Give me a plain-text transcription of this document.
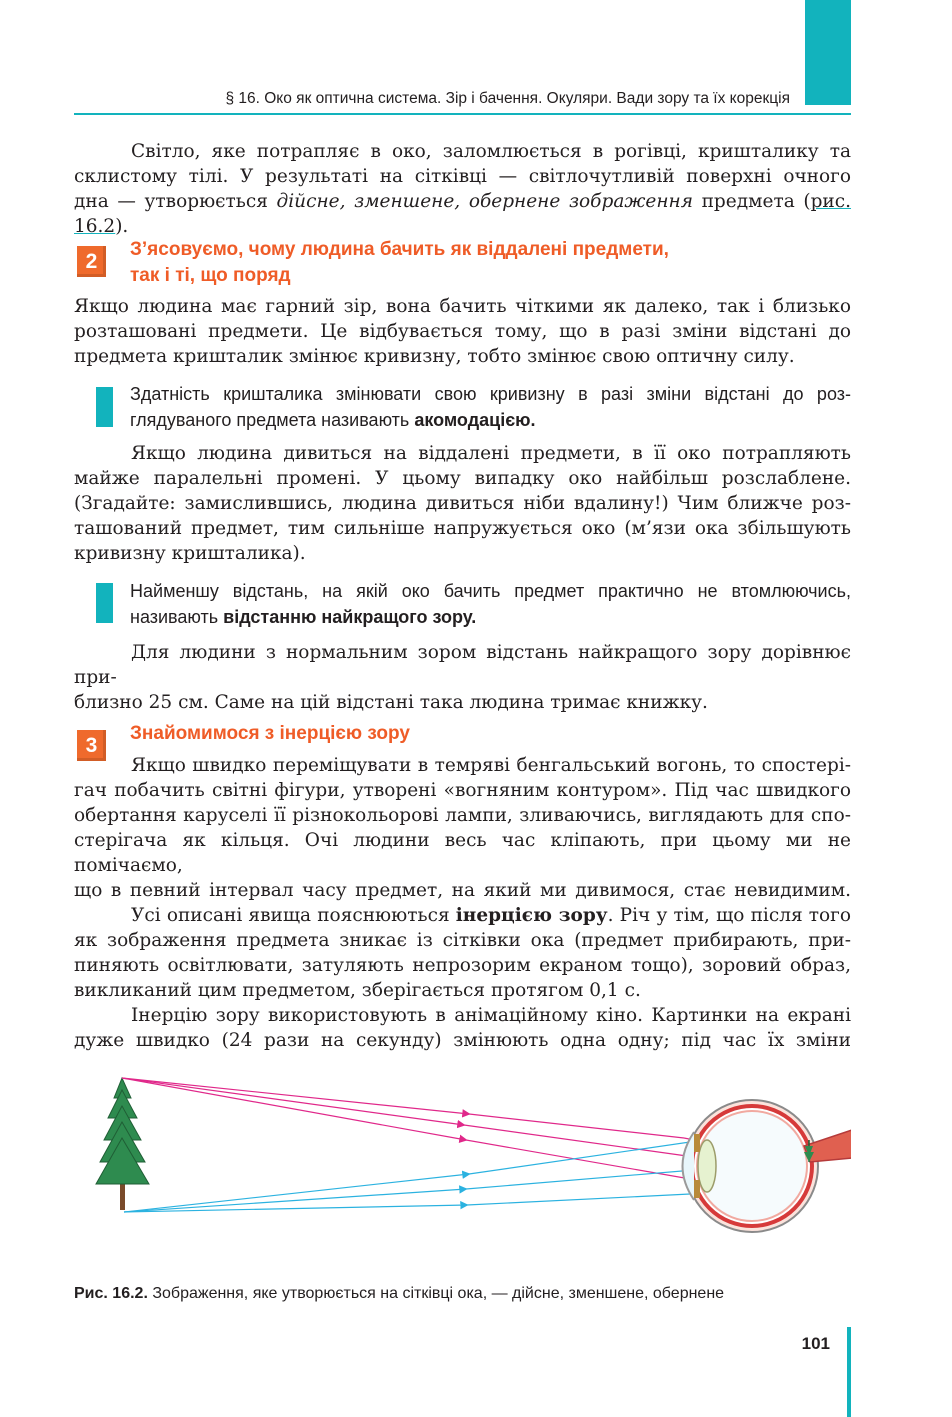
§ 16. Око як оптична система. Зір і бачення. Окуляри. Вади зору та їх корекція
Світло, яке потрапляє в око, заломлюється в рогівці, кришталику та
склистому тілі. У результаті на сітківці — світлочутливій поверхні очного
дна — утворюється дійсне, зменшене, обернене зображення предмета (рис. 16.2).
2
З’ясовуємо, чому людина бачить як віддалені предмети,
так і ті, що поряд
Якщо людина має гарний зір, вона бачить чіткими як далеко, так і близько
розташовані предмети. Це відбувається тому, що в разі зміни відстані до
предмета кришталик змінює кривизну, тобто змінює свою оптичну силу.
Здатність кришталика змінювати свою кривизну в разі зміни відстані до роз-
глядуваного предмета називають акомодацією.
Якщо людина дивиться на віддалені предмети, в її око потрапляють
майже паралельні промені. У цьому випадку око найбільш розслаблене.
(Згадайте: замислившись, людина дивиться ніби вдалину!) Чим ближче роз-
ташований предмет, тим сильніше напружується око (м’язи ока збільшують
кривизну кришталика).
Найменшу відстань, на якій око бачить предмет практично не втомлюючись,
називають відстанню найкращого зору.
Для людини з нормальним зором відстань найкращого зору дорівнює при-
близно 25 см. Саме на цій відстані така людина тримає книжку.
3
Знайомимося з інерцією зору
Якщо швидко переміщувати в темряві бенгальський вогонь, то спостері-
гач побачить світні фігури, утворені «вогняним контуром». Під час швидкого
обертання каруселі її різнокольорові лампи, зливаючись, виглядають для спо-
стерігача як кільця. Очі людини весь час кліпають, при цьому ми не помічаємо,
що в певний інтервал часу предмет, на який ми дивимося, стає невидимим.
Усі описані явища пояснюються інерцією зору. Річ у тім, що після того
як зображення предмета зникає із сітківки ока (предмет прибирають, при-
пиняють освітлювати, затуляють непрозорим екраном тощо), зоровий образ,
викликаний цим предметом, зберігається протягом 0,1 с.
Інерцію зору використовують в анімаційному кіно. Картинки на екрані
дуже швидко (24 рази на секунду) змінюють одна одну; під час їх зміни

Рис. 16.2. Зображення, яке утворюється на сітківці ока, — дійсне, зменшене, обернене

101
